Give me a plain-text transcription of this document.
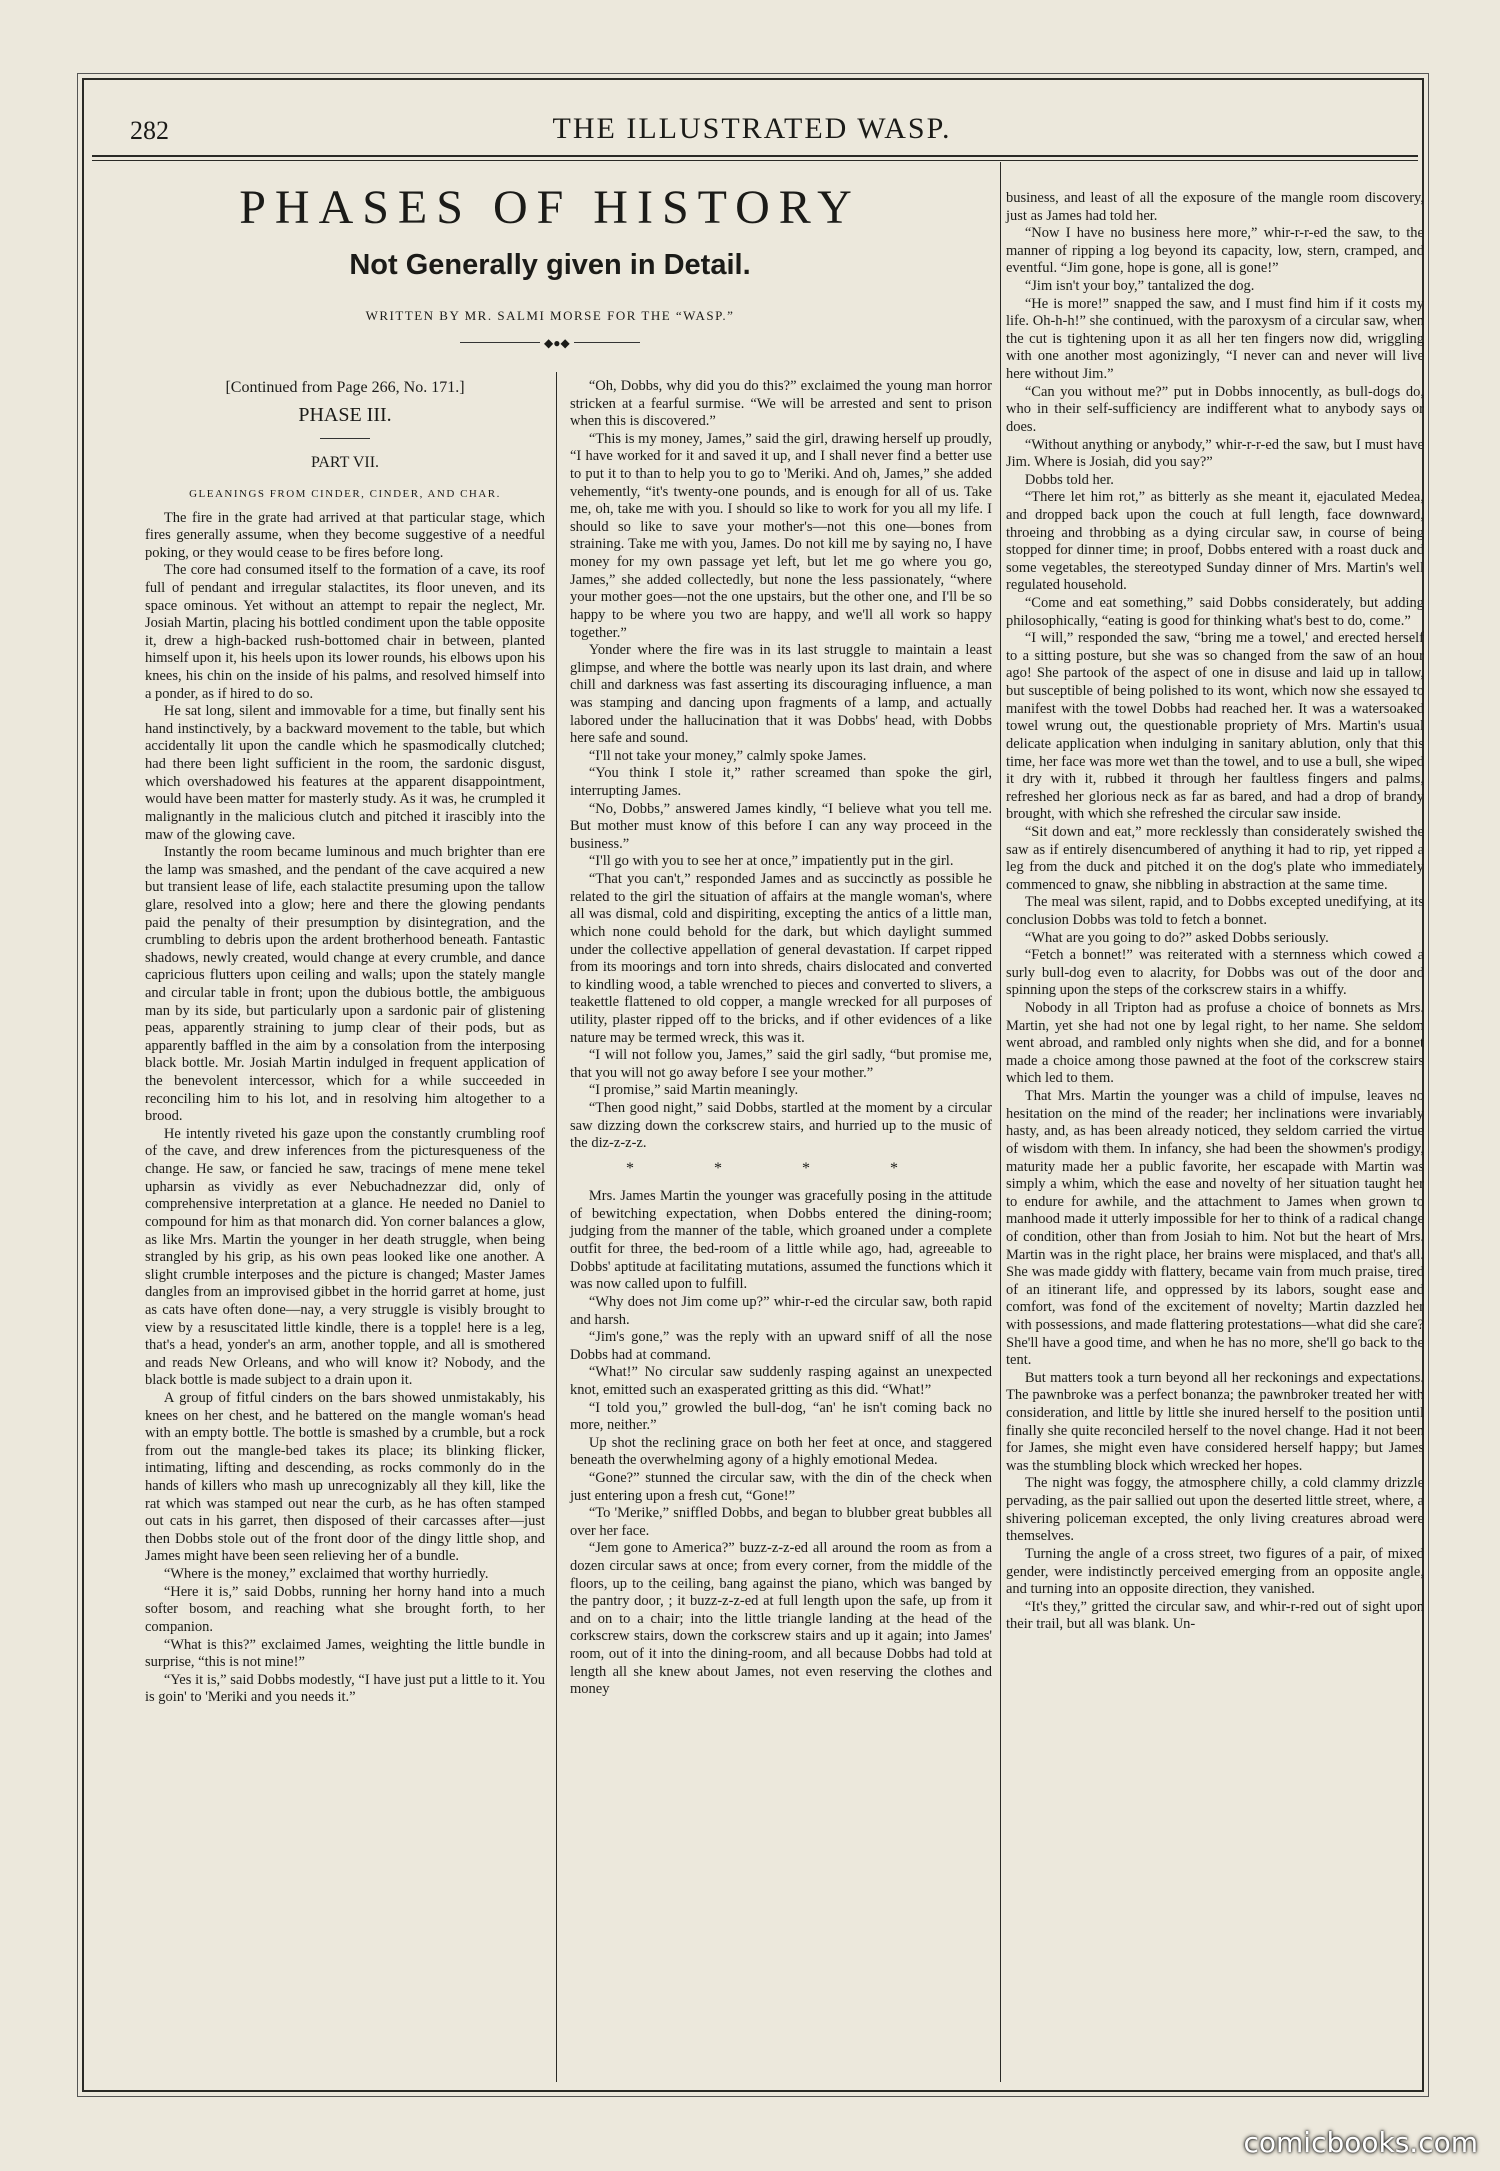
282	THE ILLUSTRATED WASP.
PHASES OF HISTORY
Not Generally given in Detail.
WRITTEN BY MR. SALMI MORSE FOR THE “WASP.”
◆●◆
[Continued from Page 266, No. 171.]
PHASE III.
PART VII.
GLEANINGS FROM CINDER, CINDER, AND CHAR.

The fire in the grate had arrived at that particular stage, which fires generally assume, when they become suggestive of a needful poking, or they would cease to be fires before long.

The core had consumed itself to the formation of a cave, its roof full of pendant and irregular stalactites, its floor uneven, and its space ominous. Yet without an attempt to repair the neglect, Mr. Josiah Martin, placing his bottled condiment upon the table opposite it, drew a high-backed rush-bottomed chair in between, planted himself upon it, his heels upon its lower rounds, his elbows upon his knees, his chin on the inside of his palms, and resolved himself into a ponder, as if hired to do so.

He sat long, silent and immovable for a time, but finally sent his hand instinctively, by a backward movement to the table, but which accidentally lit upon the candle which he spasmodically clutched; had there been light sufficient in the room, the sardonic disgust, which overshadowed his features at the apparent disappointment, would have been matter for masterly study. As it was, he crumpled it malignantly in the malicious clutch and pitched it irascibly into the maw of the glowing cave.

Instantly the room became luminous and much brighter than ere the lamp was smashed, and the pendant of the cave acquired a new but transient lease of life, each stalactite presuming upon the tallow glare, resolved into a glow; here and there the glowing pendants paid the penalty of their presumption by disintegration, and the crumbling to debris upon the ardent brotherhood beneath. Fantastic shadows, newly created, would change at every crumble, and dance capricious flutters upon ceiling and walls; upon the stately mangle and circular table in front; upon the dubious bottle, the ambiguous man by its side, but particularly upon a sardonic pair of glistening peas, apparently straining to jump clear of their pods, but as apparently baffled in the aim by a consolation from the interposing black bottle. Mr. Josiah Martin indulged in frequent application of the benevolent intercessor, which for a while succeeded in reconciling him to his lot, and in resolving him altogether to a brood.

He intently riveted his gaze upon the constantly crumbling roof of the cave, and drew inferences from the picturesqueness of the change. He saw, or fancied he saw, tracings of mene mene tekel upharsin as vividly as ever Nebuchadnezzar did, only of comprehensive interpretation at a glance. He needed no Daniel to compound for him as that monarch did. Yon corner balances a glow, as like Mrs. Martin the younger in her death struggle, when being strangled by his grip, as his own peas looked like one another. A slight crumble interposes and the picture is changed; Master James dangles from an improvised gibbet in the horrid garret at home, just as cats have often done—nay, a very struggle is visibly brought to view by a resuscitated little kindle, there is a topple! here is a leg, that's a head, yonder's an arm, another topple, and all is smothered and reads New Orleans, and who will know it? Nobody, and the black bottle is made subject to a drain upon it.

A group of fitful cinders on the bars showed unmistakably, his knees on her chest, and he battered on the mangle woman's head with an empty bottle. The bottle is smashed by a crumble, but a rock from out the mangle-bed takes its place; its blinking flicker, intimating, lifting and descending, as rocks commonly do in the hands of killers who mash up unrecognizably all they kill, like the rat which was stamped out near the curb, as he has often stamped out cats in his garret, then disposed of their carcasses after—just then Dobbs stole out of the front door of the dingy little shop, and James might have been seen relieving her of a bundle.

“Where is the money,” exclaimed that worthy hurriedly.

“Here it is,” said Dobbs, running her horny hand into a much softer bosom, and reaching what she brought forth, to her companion.

“What is this?” exclaimed James, weighting the little bundle in surprise, “this is not mine!”

“Yes it is,” said Dobbs modestly, “I have just put a little to it. You is goin' to 'Meriki and you needs it.”

“Oh, Dobbs, why did you do this?” exclaimed the young man horror stricken at a fearful surmise. “We will be arrested and sent to prison when this is discovered.”

“This is my money, James,” said the girl, drawing herself up proudly, “I have worked for it and saved it up, and I shall never find a better use to put it to than to help you to go to 'Meriki. And oh, James,” she added vehemently, “it's twenty-one pounds, and is enough for all of us. Take me, oh, take me with you. I should so like to work for you all my life. I should so like to save your mother's—not this one—bones from straining. Take me with you, James. Do not kill me by saying no, I have money for my own passage yet left, but let me go where you go, James,” she added collectedly, but none the less passionately, “where your mother goes—not the one upstairs, but the other one, and I'll be so happy to be where you two are happy, and we'll all work so happy together.”

Yonder where the fire was in its last struggle to maintain a least glimpse, and where the bottle was nearly upon its last drain, and where chill and darkness was fast asserting its discouraging influence, a man was stamping and dancing upon fragments of a lamp, and actually labored under the hallucination that it was Dobbs' head, with Dobbs here safe and sound.

“I'll not take your money,” calmly spoke James.

“You think I stole it,” rather screamed than spoke the girl, interrupting James.

“No, Dobbs,” answered James kindly, “I believe what you tell me. But mother must know of this before I can any way proceed in the business.”

“I'll go with you to see her at once,” impatiently put in the girl.

“That you can't,” responded James and as succinctly as possible he related to the girl the situation of affairs at the mangle woman's, where all was dismal, cold and dispiriting, excepting the antics of a little man, which none could behold for the dark, but which daylight summed under the collective appellation of general devastation. If carpet ripped from its moorings and torn into shreds, chairs dislocated and converted to kindling wood, a table wrenched to pieces and converted to slivers, a teakettle flattened to old copper, a mangle wrecked for all purposes of utility, plaster ripped off to the bricks, and if other evidences of a like nature may be termed wreck, this was it.

“I will not follow you, James,” said the girl sadly, “but promise me, that you will not go away before I see your mother.”

“I promise,” said Martin meaningly.

“Then good night,” said Dobbs, startled at the moment by a circular saw dizzing down the corkscrew stairs, and hurried up to the music of the diz-z-z-z.

* * * *

Mrs. James Martin the younger was gracefully posing in the attitude of bewitching expectation, when Dobbs entered the dining-room; judging from the manner of the table, which groaned under a complete outfit for three, the bed-room of a little while ago, had, agreeable to Dobbs' aptitude at facilitating mutations, assumed the functions which it was now called upon to fulfill.

“Why does not Jim come up?” whir-r-ed the circular saw, both rapid and harsh.

“Jim's gone,” was the reply with an upward sniff of all the nose Dobbs had at command.

“What!” No circular saw suddenly rasping against an unexpected knot, emitted such an exasperated gritting as this did. “What!”

“I told you,” growled the bull-dog, “an' he isn't coming back no more, neither.”

Up shot the reclining grace on both her feet at once, and staggered beneath the overwhelming agony of a highly emotional Medea.

“Gone?” stunned the circular saw, with the din of the check when just entering upon a fresh cut, “Gone!”

“To 'Merike,” sniffled Dobbs, and began to blubber great bubbles all over her face.

“Jem gone to America?” buzz-z-z-ed all around the room as from a dozen circular saws at once; from every corner, from the middle of the floors, up to the ceiling, bang against the piano, which was banged by the pantry door, ; it buzz-z-z-ed at full length upon the safe, up from it and on to a chair; into the little triangle landing at the head of the corkscrew stairs, down the corkscrew stairs and up it again; into James' room, out of it into the dining-room, and all because Dobbs had told at length all she knew about James, not even reserving the clothes and money

business, and least of all the exposure of the mangle room discovery, just as James had told her.

“Now I have no business here more,” whir-r-r-ed the saw, to the manner of ripping a log beyond its capacity, low, stern, cramped, and eventful. “Jim gone, hope is gone, all is gone!”

“Jim isn't your boy,” tantalized the dog.

“He is more!” snapped the saw, and I must find him if it costs my life. Oh-h-h!” she continued, with the paroxysm of a circular saw, when the cut is tightening upon it as all her ten fingers now did, wriggling with one another most agonizingly, “I never can and never will live here without Jim.”

“Can you without me?” put in Dobbs innocently, as bull-dogs do, who in their self-sufficiency are indifferent what to anybody says or does.

“Without anything or anybody,” whir-r-r-ed the saw, but I must have Jim. Where is Josiah, did you say?”

Dobbs told her.

“There let him rot,” as bitterly as she meant it, ejaculated Medea, and dropped back upon the couch at full length, face downward, throeing and throbbing as a dying circular saw, in course of being stopped for dinner time; in proof, Dobbs entered with a roast duck and some vegetables, the stereotyped Sunday dinner of Mrs. Martin's well regulated household.

“Come and eat something,” said Dobbs considerately, but adding philosophically, “eating is good for thinking what's best to do, come.”

“I will,” responded the saw, “bring me a towel,' and erected herself to a sitting posture, but she was so changed from the saw of an hour ago! She partook of the aspect of one in disuse and laid up in tallow, but susceptible of being polished to its wont, which now she essayed to manifest with the towel Dobbs had reached her. It was a watersoaked towel wrung out, the questionable propriety of Mrs. Martin's usual delicate application when indulging in sanitary ablution, only that this time, her face was more wet than the towel, and to use a bull, she wiped it dry with it, rubbed it through her faultless fingers and palms, refreshed her glorious neck as far as bared, and had a drop of brandy brought, with which she refreshed the circular saw inside.

“Sit down and eat,” more recklessly than considerately swished the saw as if entirely disencumbered of anything it had to rip, yet ripped a leg from the duck and pitched it on the dog's plate who immediately commenced to gnaw, she nibbling in abstraction at the same time.

The meal was silent, rapid, and to Dobbs excepted unedifying, at its conclusion Dobbs was told to fetch a bonnet.

“What are you going to do?” asked Dobbs seriously.

“Fetch a bonnet!” was reiterated with a sternness which cowed a surly bull-dog even to alacrity, for Dobbs was out of the door and spinning upon the steps of the corkscrew stairs in a whiffy.

Nobody in all Tripton had as profuse a choice of bonnets as Mrs. Martin, yet she had not one by legal right, to her name. She seldom went abroad, and rambled only nights when she did, and for a bonnet made a choice among those pawned at the foot of the corkscrew stairs which led to them.

That Mrs. Martin the younger was a child of impulse, leaves no hesitation on the mind of the reader; her inclinations were invariably hasty, and, as has been already noticed, they seldom carried the virtue of wisdom with them. In infancy, she had been the showmen's prodigy, maturity made her a public favorite, her escapade with Martin was simply a whim, which the ease and novelty of her situation taught her to endure for awhile, and the attachment to James when grown to manhood made it utterly impossible for her to think of a radical change of condition, other than from Josiah to him. Not but the heart of Mrs. Martin was in the right place, her brains were misplaced, and that's all. She was made giddy with flattery, became vain from much praise, tired of an itinerant life, and oppressed by its labors, sought ease and comfort, was fond of the excitement of novelty; Martin dazzled her with possessions, and made flattering protestations—what did she care? She'll have a good time, and when he has no more, she'll go back to the tent.

But matters took a turn beyond all her reckonings and expectations. The pawnbroke was a perfect bonanza; the pawnbroker treated her with consideration, and little by little she inured herself to the position until finally she quite reconciled herself to the novel change. Had it not been for James, she might even have considered herself happy; but James was the stumbling block which wrecked her hopes.

The night was foggy, the atmosphere chilly, a cold clammy drizzle pervading, as the pair sallied out upon the deserted little street, where, a shivering policeman excepted, the only living creatures abroad were themselves.

Turning the angle of a cross street, two figures of a pair, of mixed gender, were indistinctly perceived emerging from an opposite angle, and turning into an opposite direction, they vanished.

“It's they,” gritted the circular saw, and whir-r-red out of sight upon their trail, but all was blank. Un-

comicbooks.com
